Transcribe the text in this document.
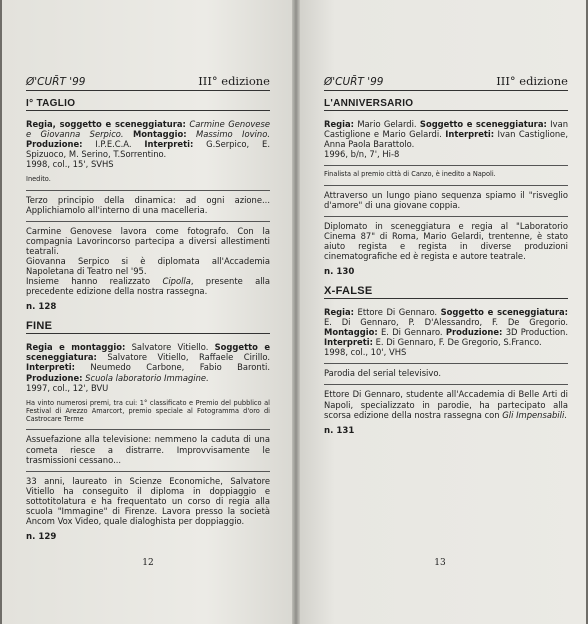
Ø'CUR̄T '99	III° edizione
I° TAGLIO

Regia, soggetto e sceneggiatura: Carmine Genovese e Giovanna Serpico. Montaggio: Massimo Iovino. Produzione: I.P.E.C.A. Interpreti: G.Serpico, E. Spizuoco, M. Serino, T.Sorrentino.
1998, col., 15', SVHS

Inedito.

Terzo principio della dinamica: ad ogni azione... Applichiamolo all'interno di una macelleria.

Carmine Genovese lavora come fotografo. Con la compagnia Lavorincorso partecipa a diversi allestimenti teatrali.
Giovanna Serpico si è diplomata all'Accademia Napoletana di Teatro nel '95.
Insieme hanno realizzato Cipolla, presente alla precedente edizione della nostra rassegna.

n. 128
FINE

Regia e montaggio: Salvatore Vitiello. Soggetto e sceneggiatura: Salvatore Vitiello, Raffaele Cirillo. Interpreti: Neumedo Carbone, Fabio Baronti. Produzione: Scuola laboratorio Immagine.
1997, col., 12', BVU

Ha vinto numerosi premi, tra cui: 1° classificato e Premio del pubblico al Festival di Arezzo Amarcort, premio speciale al Fotogramma d'oro di Castrocare Terme

Assuefazione alla televisione: nemmeno la caduta di una cometa riesce a distrarre. Improvvisamente le trasmissioni cessano...

33 anni, laureato in Scienze Economiche, Salvatore Vitiello ha conseguito il diploma in doppiaggio e sottotitolatura e ha frequentato un corso di regia alla scuola "Immagine" di Firenze. Lavora presso la società Ancom Vox Video, quale dialoghista per doppiaggio.

n. 129
12
Ø'CUR̄T '99	III° edizione
L'ANNIVERSARIO

Regia: Mario Gelardi. Soggetto e sceneggiatura: Ivan Castiglione e Mario Gelardi. Interpreti: Ivan Castiglione, Anna Paola Barattolo.
1996, b/n, 7', Hi-8

Finalista al premio città di Canzo, è inedito a Napoli.

Attraverso un lungo piano sequenza spiamo il "risveglio d'amore" di una giovane coppia.

Diplomato in sceneggiatura e regia al "Laboratorio Cinema 87" di Roma, Mario Gelardi, trentenne, è stato aiuto regista e regista in diverse produzioni cinematografiche ed è regista e autore teatrale.

n. 130
X-FALSE

Regia: Ettore Di Gennaro. Soggetto e sceneggiatura: E. Di Gennaro, P. D'Alessandro, F. De Gregorio. Montaggio: E. Di Gennaro. Produzione: 3D Production. Interpreti: E. Di Gennaro, F. De Gregorio, S.Franco.
1998, col., 10', VHS

Parodia del serial televisivo.

Ettore Di Gennaro, studente all'Accademia di Belle Arti di Napoli, specializzato in parodie, ha partecipato alla scorsa edizione della nostra rassegna con Gli Impensabili.

n. 131
13
